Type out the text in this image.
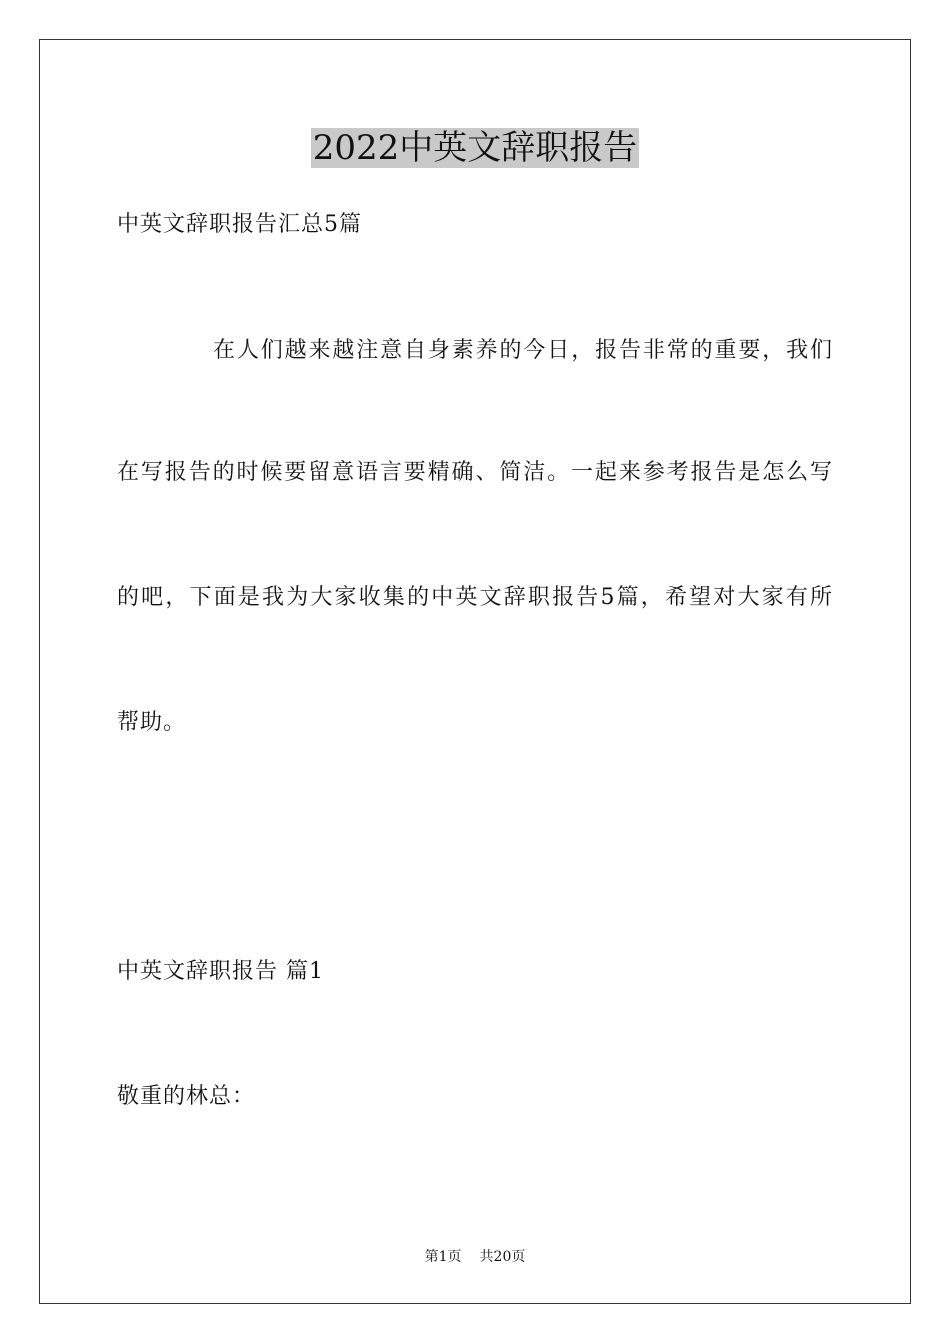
2022中英文辞职报告
中英文辞职报告汇总5篇
在人们越来越注意自身素养的今日，报告非常的重要，我们
在写报告的时候要留意语言要精确、简洁。一起来参考报告是怎么写
的吧，下面是我为大家收集的中英文辞职报告5篇，希望对大家有所
帮助。
中英文辞职报告 篇1
敬重的林总：
第1页 共20页
